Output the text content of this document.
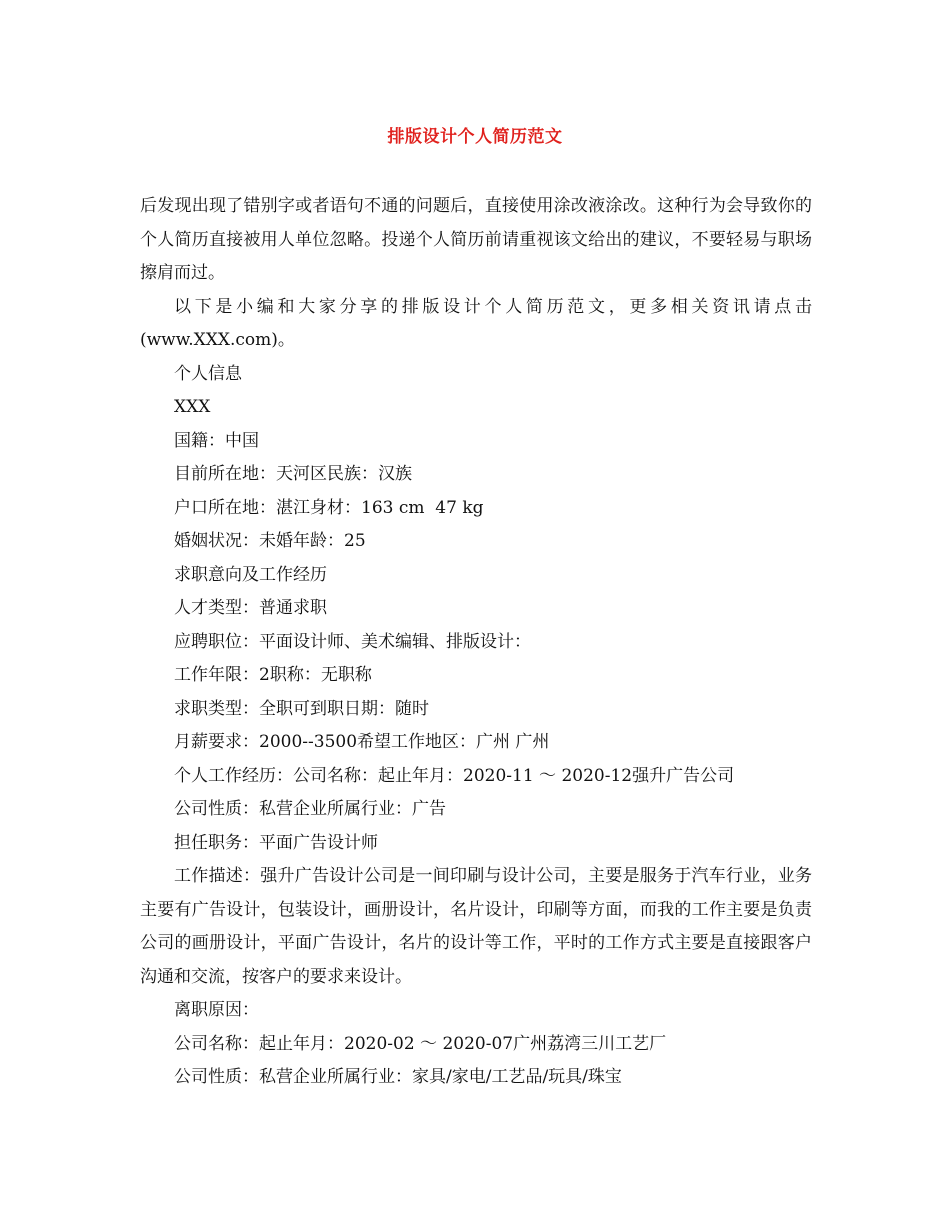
排版设计个人简历范文

后发现出现了错别字或者语句不通的问题后，直接使用涂改液涂改。这种行为会导致你的个人简历直接被用人单位忽略。投递个人简历前请重视该文给出的建议，不要轻易与职场擦肩而过。

以下是小编和大家分享的排版设计个人简历范文，更多相关资讯请点击(www.XXX.com)。

个人信息

XXX

国籍：中国

目前所在地：天河区民族：汉族

户口所在地：湛江身材：163 cm  47 kg

婚姻状况：未婚年龄：25

求职意向及工作经历

人才类型：普通求职

应聘职位：平面设计师、美术编辑、排版设计：

工作年限：2职称：无职称

求职类型：全职可到职日期：随时

月薪要求：2000--3500希望工作地区：广州 广州

个人工作经历：公司名称：起止年月：2020-11 ～ 2020-12强升广告公司

公司性质：私营企业所属行业：广告

担任职务：平面广告设计师

工作描述：强升广告设计公司是一间印刷与设计公司，主要是服务于汽车行业，业务主要有广告设计，包装设计，画册设计，名片设计，印刷等方面，而我的工作主要是负责公司的画册设计，平面广告设计，名片的设计等工作，平时的工作方式主要是直接跟客户沟通和交流，按客户的要求来设计。

离职原因：

公司名称：起止年月：2020-02 ～ 2020-07广州荔湾三川工艺厂

公司性质：私营企业所属行业：家具/家电/工艺品/玩具/珠宝
